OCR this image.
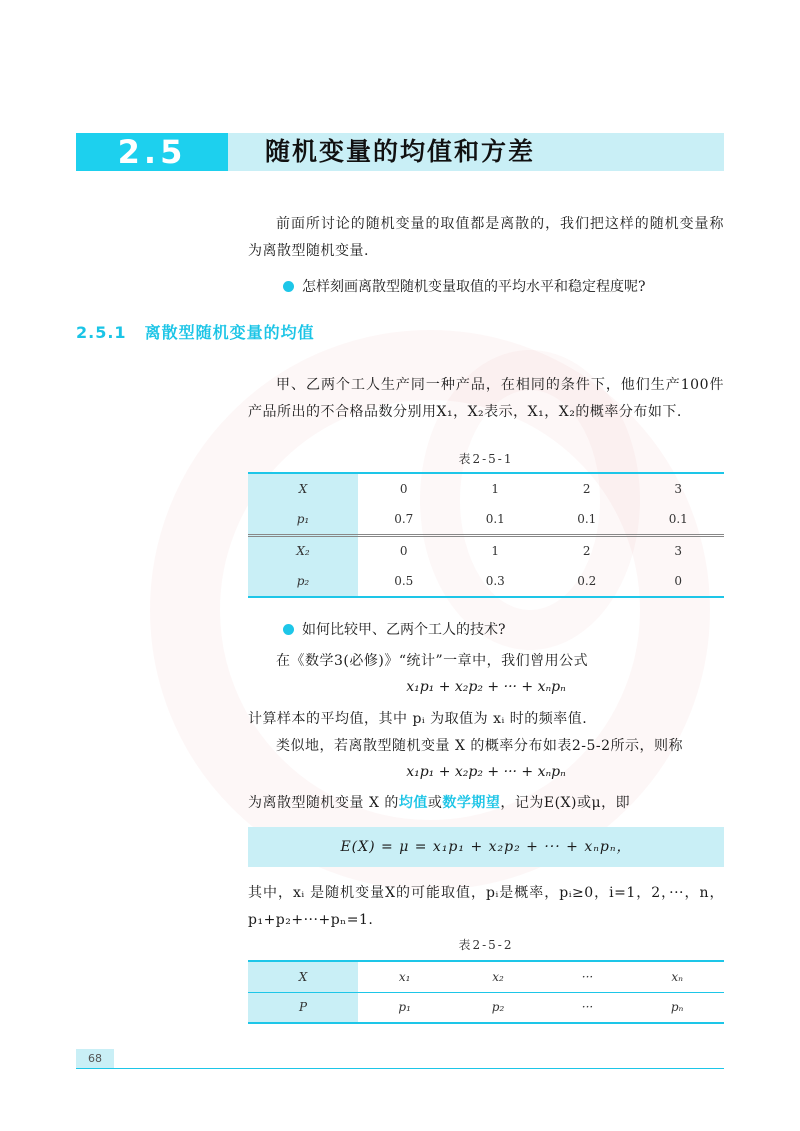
2.5	随机变量的均值和方差

前面所讨论的随机变量的取值都是离散的，我们把这样的随机变量称为离散型随机变量.

怎样刻画离散型随机变量取值的平均水平和稳定程度呢?
2.5.1 离散型随机变量的均值

甲、乙两个工人生产同一种产品，在相同的条件下，他们生产100件产品所出的不合格品数分别用X₁，X₂表示，X₁，X₂的概率分布如下.

表2-5-1
X	0	1	2	3
p₁	0.7	0.1	0.1	0.1
X₂	0	1	2	3
p₂	0.5	0.3	0.2	0
如何比较甲、乙两个工人的技术?

在《数学3(必修)》“统计”一章中，我们曾用公式

x₁p₁ + x₂p₂ + ··· + xₙpₙ

计算样本的平均值，其中 pᵢ 为取值为 xᵢ 时的频率值.

类似地，若离散型随机变量 X 的概率分布如表2-5-2所示，则称

x₁p₁ + x₂p₂ + ··· + xₙpₙ

为离散型随机变量 X 的均值或数学期望，记为E(X)或μ，即

E(X) = μ = x₁p₁ + x₂p₂ + ··· + xₙpₙ，

其中，xᵢ 是随机变量X的可能取值，pᵢ是概率，pᵢ≥0，i=1，2，···，n，p₁+p₂+···+pₙ=1.

表2-5-2
X	x₁	x₂	···	xₙ
P	p₁	p₂	···	pₙ
68
